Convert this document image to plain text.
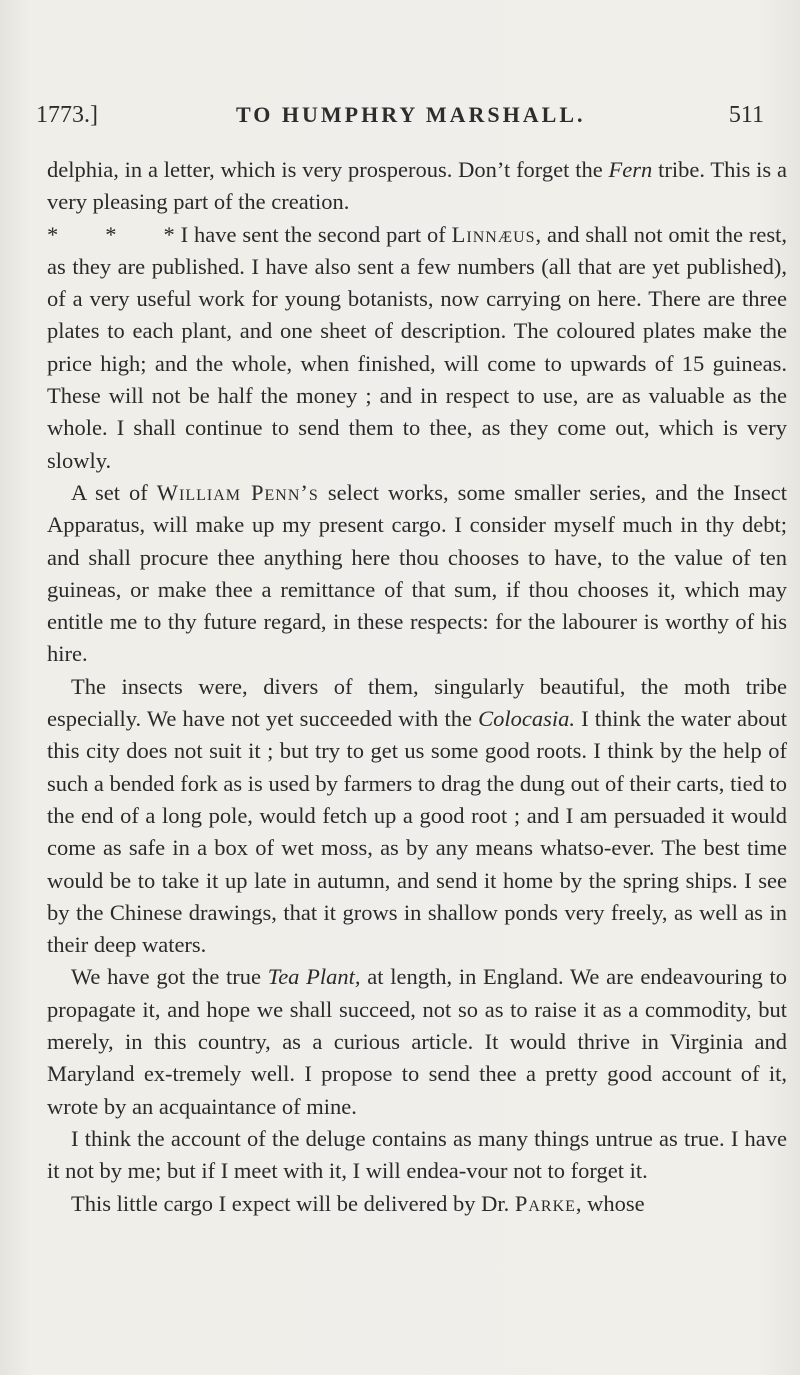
1773.]	TO HUMPHRY MARSHALL.	511

delphia, in a letter, which is very prosperous. Don’t forget the Fern tribe. This is a very pleasing part of the creation.

*        *        * I have sent the second part of Linnæus, and shall not omit the rest, as they are published. I have also sent a few numbers (all that are yet published), of a very useful work for young botanists, now carrying on here. There are three plates to each plant, and one sheet of description. The coloured plates make the price high; and the whole, when finished, will come to upwards of 15 guineas. These will not be half the money ; and in respect to use, are as valuable as the whole. I shall continue to send them to thee, as they come out, which is very slowly.

A set of William Penn’s select works, some smaller series, and the Insect Apparatus, will make up my present cargo. I consider myself much in thy debt; and shall procure thee anything here thou chooses to have, to the value of ten guineas, or make thee a remittance of that sum, if thou chooses it, which may entitle me to thy future regard, in these respects: for the labourer is worthy of his hire.

The insects were, divers of them, singularly beautiful, the moth tribe especially. We have not yet succeeded with the Colocasia. I think the water about this city does not suit it ; but try to get us some good roots. I think by the help of such a bended fork as is used by farmers to drag the dung out of their carts, tied to the end of a long pole, would fetch up a good root ; and I am persuaded it would come as safe in a box of wet moss, as by any means whatso-ever. The best time would be to take it up late in autumn, and send it home by the spring ships. I see by the Chinese drawings, that it grows in shallow ponds very freely, as well as in their deep waters.

We have got the true Tea Plant, at length, in England. We are endeavouring to propagate it, and hope we shall succeed, not so as to raise it as a commodity, but merely, in this country, as a curious article. It would thrive in Virginia and Maryland ex-tremely well. I propose to send thee a pretty good account of it, wrote by an acquaintance of mine.

I think the account of the deluge contains as many things untrue as true. I have it not by me; but if I meet with it, I will endea-vour not to forget it.

This little cargo I expect will be delivered by Dr. Parke, whose
